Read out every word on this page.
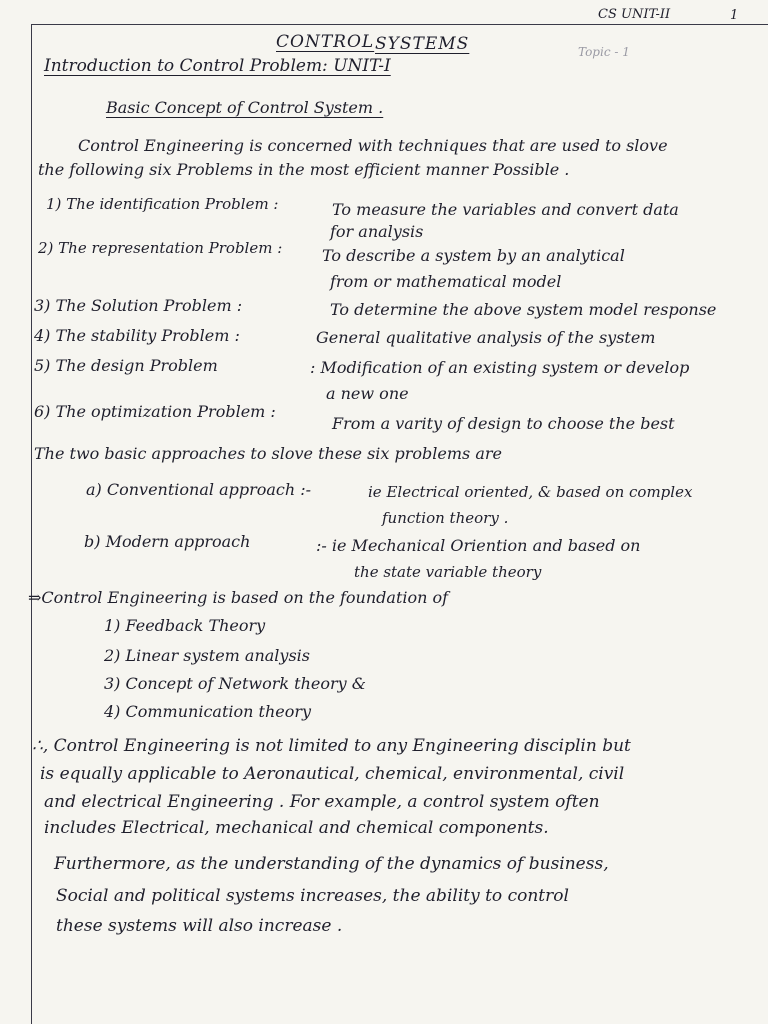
CS UNIT-II	1
Topic - 1
CONTROL SYSTEMS
Introduction to Control Problem: UNIT-I
Basic Concept of Control System .
Control Engineering is concerned with techniques that are used to slove
the following six Problems in the most efficient manner Possible .
1) The identification Problem :	To measure the variables and convert data
for analysis
2) The representation Problem : To describe a system by an analytical
from or mathematical model
3) The Solution Problem :	To determine the above system model response
4) The stability Problem :	General qualitative analysis of the system
5) The design Problem	: Modification of an existing system or develop
a new one
6) The optimization Problem :
From a varity of design to choose the best
The two basic approaches to slove these six problems are
a) Conventional approach :-	ie Electrical oriented, & based on complex
function theory .
b) Modern approach	:- ie Mechanical Oriention and based on
the state variable theory
⇒Control Engineering is based on the foundation of
1) Feedback Theory
2) Linear system analysis
3) Concept of Network theory &
4) Communication theory
∴, Control Engineering is not limited to any Engineering disciplin but
is equally applicable to Aeronautical, chemical, environmental, civil
and electrical Engineering . For example, a control system often
includes Electrical, mechanical and chemical components.
Furthermore, as the understanding of the dynamics of business,
Social and political systems increases, the ability to control
these systems will also increase .
